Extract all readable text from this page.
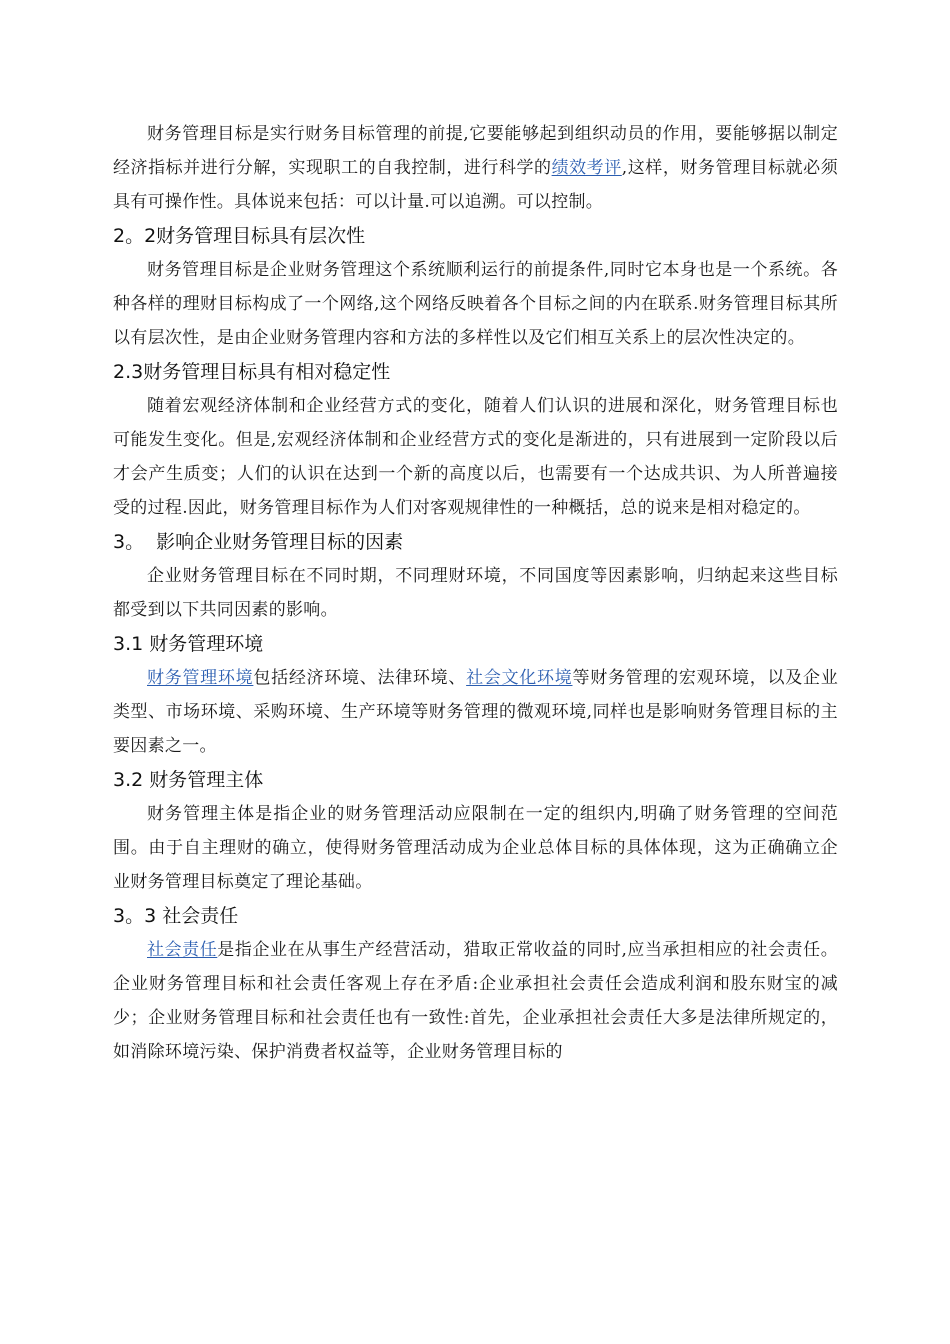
财务管理目标是实行财务目标管理的前提,它要能够起到组织动员的作用，要能够据以制定经济指标并进行分解，实现职工的自我控制，进行科学的绩效考评,这样，财务管理目标就必须具有可操作性。具体说来包括：可以计量.可以追溯。可以控制。

2。2财务管理目标具有层次性

财务管理目标是企业财务管理这个系统顺利运行的前提条件,同时它本身也是一个系统。各种各样的理财目标构成了一个网络,这个网络反映着各个目标之间的内在联系.财务管理目标其所以有层次性，是由企业财务管理内容和方法的多样性以及它们相互关系上的层次性决定的。

2.3财务管理目标具有相对稳定性

随着宏观经济体制和企业经营方式的变化，随着人们认识的进展和深化，财务管理目标也可能发生变化。但是,宏观经济体制和企业经营方式的变化是渐进的，只有进展到一定阶段以后才会产生质变；人们的认识在达到一个新的高度以后，也需要有一个达成共识、为人所普遍接受的过程.因此，财务管理目标作为人们对客观规律性的一种概括，总的说来是相对稳定的。

3。  影响企业财务管理目标的因素

企业财务管理目标在不同时期，不同理财环境，不同国度等因素影响，归纳起来这些目标都受到以下共同因素的影响。

3.1 财务管理环境

财务管理环境包括经济环境、法律环境、社会文化环境等财务管理的宏观环境，以及企业类型、市场环境、采购环境、生产环境等财务管理的微观环境,同样也是影响财务管理目标的主要因素之一。

3.2 财务管理主体

财务管理主体是指企业的财务管理活动应限制在一定的组织内,明确了财务管理的空间范围。由于自主理财的确立，使得财务管理活动成为企业总体目标的具体体现，这为正确确立企业财务管理目标奠定了理论基础。

3。3 社会责任

社会责任是指企业在从事生产经营活动，猎取正常收益的同时,应当承担相应的社会责任。企业财务管理目标和社会责任客观上存在矛盾:企业承担社会责任会造成利润和股东财宝的减少；企业财务管理目标和社会责任也有一致性:首先，企业承担社会责任大多是法律所规定的，如消除环境污染、保护消费者权益等，企业财务管理目标的
